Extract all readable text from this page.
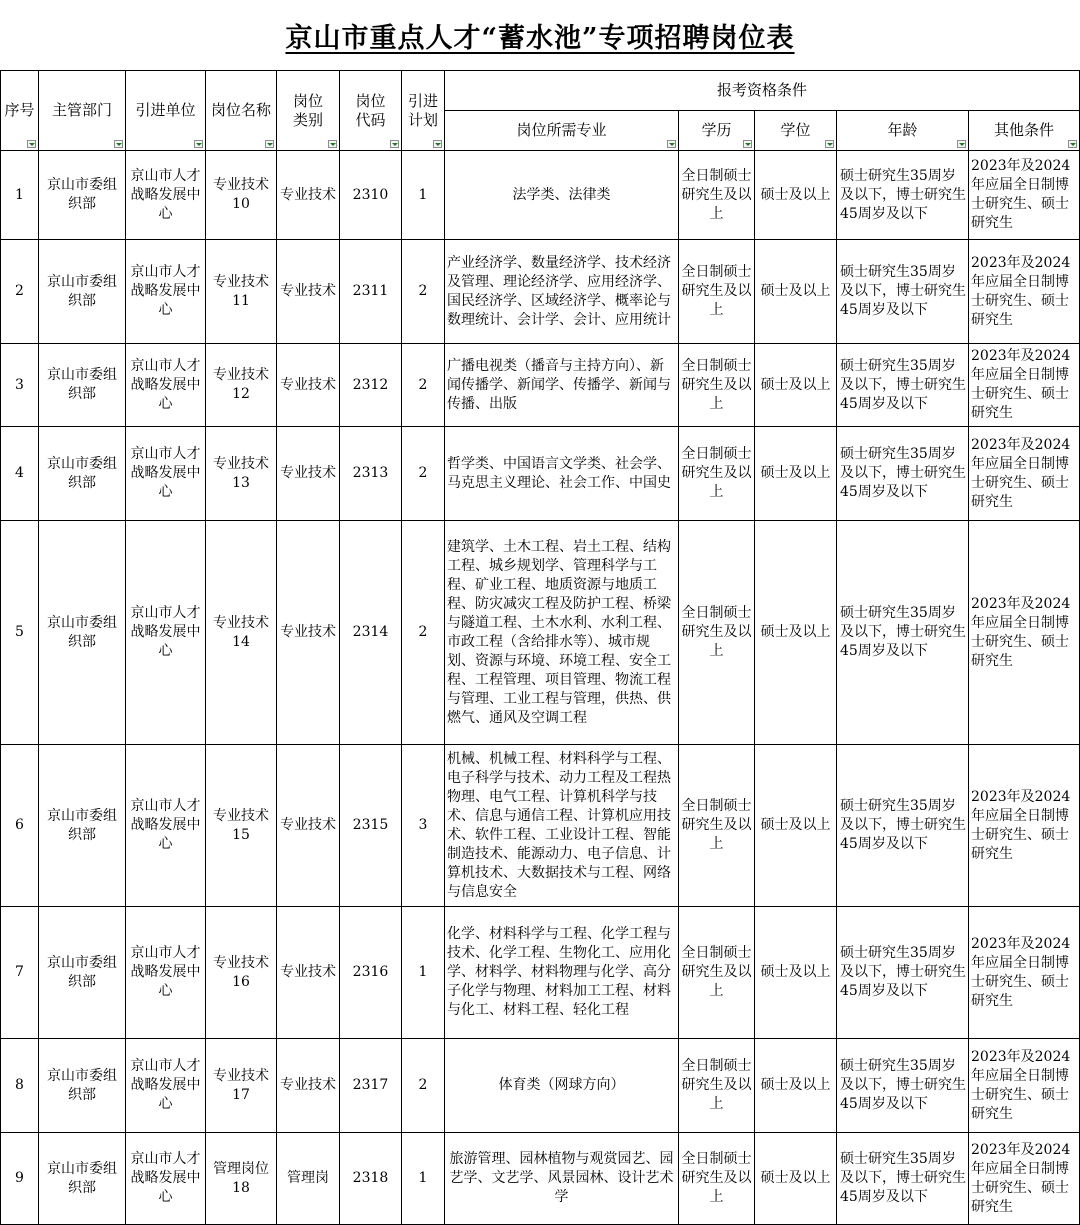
京山市重点人才“蓄水池”专项招聘岗位表
序号	主管部门	引进单位	岗位名称	岗位类别	岗位代码	引进计划	报考资格条件				
							岗位所需专业	学历	学位	年龄	其他条件

1	京山市委组织部	京山市人才战略发展中心	专业技术10	专业技术	2310	1	法学类、法律类	全日制硕士研究生及以上	硕士及以上	硕士研究生35周岁及以下，博士研究生45周岁及以下	2023年及2024年应届全日制博士研究生、硕士研究生
2	京山市委组织部	京山市人才战略发展中心	专业技术11	专业技术	2311	2	产业经济学、数量经济学、技术经济及管理、理论经济学、应用经济学、国民经济学、区域经济学、概率论与数理统计、会计学、会计、应用统计	全日制硕士研究生及以上	硕士及以上	硕士研究生35周岁及以下，博士研究生45周岁及以下	2023年及2024年应届全日制博士研究生、硕士研究生
3	京山市委组织部	京山市人才战略发展中心	专业技术12	专业技术	2312	2	广播电视类（播音与主持方向）、新闻传播学、新闻学、传播学、新闻与传播、出版	全日制硕士研究生及以上	硕士及以上	硕士研究生35周岁及以下，博士研究生45周岁及以下	2023年及2024年应届全日制博士研究生、硕士研究生
4	京山市委组织部	京山市人才战略发展中心	专业技术13	专业技术	2313	2	哲学类、中国语言文学类、社会学、马克思主义理论、社会工作、中国史	全日制硕士研究生及以上	硕士及以上	硕士研究生35周岁及以下，博士研究生45周岁及以下	2023年及2024年应届全日制博士研究生、硕士研究生
5	京山市委组织部	京山市人才战略发展中心	专业技术14	专业技术	2314	2	建筑学、土木工程、岩土工程、结构工程、城乡规划学、管理科学与工程、矿业工程、地质资源与地质工程、防灾减灾工程及防护工程、桥梁与隧道工程、土木水利、水利工程、市政工程（含给排水等）、城市规划、资源与环境、环境工程、安全工程、工程管理、项目管理、物流工程与管理、工业工程与管理，供热、供燃气、通风及空调工程	全日制硕士研究生及以上	硕士及以上	硕士研究生35周岁及以下，博士研究生45周岁及以下	2023年及2024年应届全日制博士研究生、硕士研究生
6	京山市委组织部	京山市人才战略发展中心	专业技术15	专业技术	2315	3	机械、机械工程、材料科学与工程、电子科学与技术、动力工程及工程热物理、电气工程、计算机科学与技术、信息与通信工程、计算机应用技术、软件工程、工业设计工程、智能制造技术、能源动力、电子信息、计算机技术、大数据技术与工程、网络与信息安全	全日制硕士研究生及以上	硕士及以上	硕士研究生35周岁及以下，博士研究生45周岁及以下	2023年及2024年应届全日制博士研究生、硕士研究生
7	京山市委组织部	京山市人才战略发展中心	专业技术16	专业技术	2316	1	化学、材料科学与工程、化学工程与技术、化学工程、生物化工、应用化学、材料学、材料物理与化学、高分子化学与物理、材料加工工程、材料与化工、材料工程、轻化工程	全日制硕士研究生及以上	硕士及以上	硕士研究生35周岁及以下，博士研究生45周岁及以下	2023年及2024年应届全日制博士研究生、硕士研究生
8	京山市委组织部	京山市人才战略发展中心	专业技术17	专业技术	2317	2	体育类（网球方向）	全日制硕士研究生及以上	硕士及以上	硕士研究生35周岁及以下，博士研究生45周岁及以下	2023年及2024年应届全日制博士研究生、硕士研究生
9	京山市委组织部	京山市人才战略发展中心	管理岗位18	管理岗	2318	1	旅游管理、园林植物与观赏园艺、园艺学、文艺学、风景园林、设计艺术学	全日制硕士研究生及以上	硕士及以上	硕士研究生35周岁及以下，博士研究生45周岁及以下	2023年及2024年应届全日制博士研究生、硕士研究生
